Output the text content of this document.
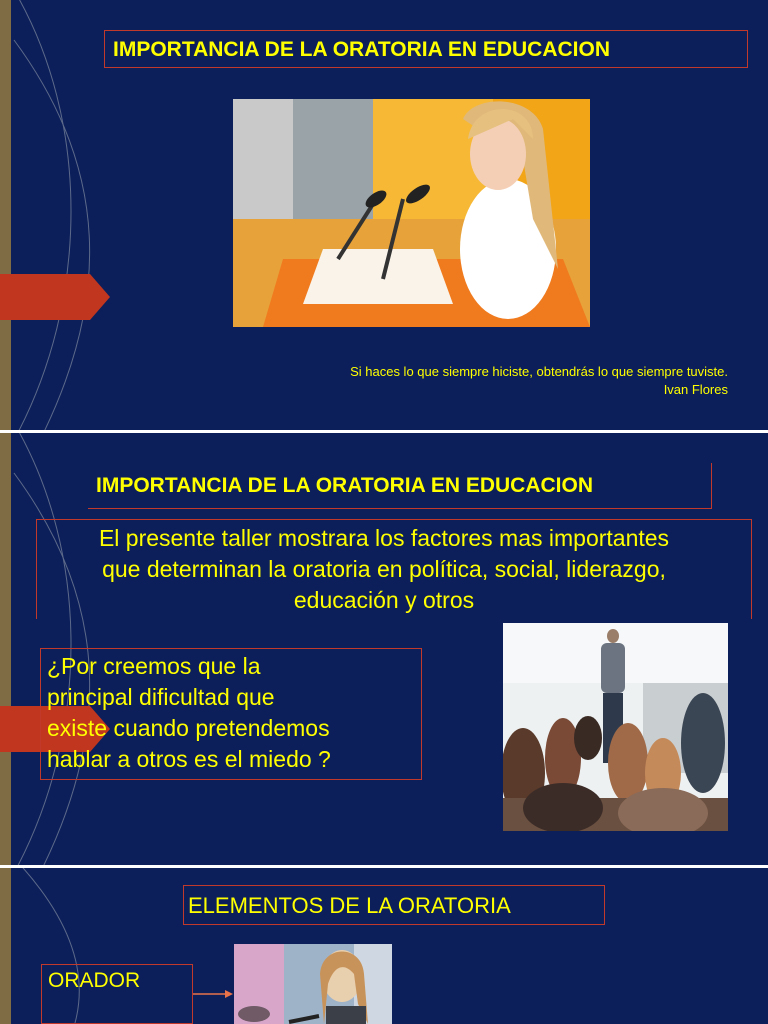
IMPORTANCIA DE LA ORATORIA EN EDUCACION
Si haces lo que siempre hiciste, obtendrás lo que siempre tuviste.
Ivan Flores
IMPORTANCIA DE LA ORATORIA EN EDUCACION
El presente taller mostrara los factores mas importantes
que determinan la oratoria en política, social, liderazgo,
educación y otros
¿Por creemos que la
principal dificultad que
existe cuando pretendemos
hablar a otros es el miedo ?
ELEMENTOS DE LA ORATORIA
ORADOR
